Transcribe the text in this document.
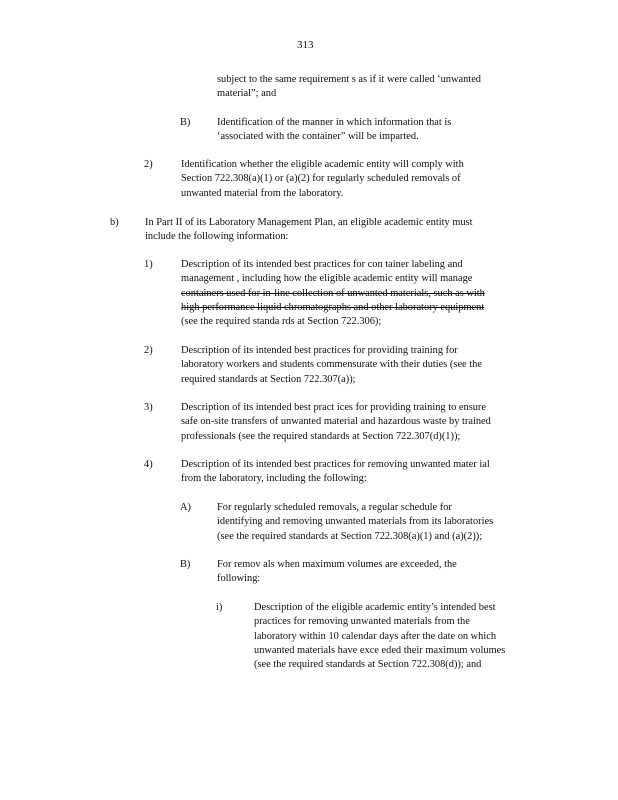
313
subject to the same requirement s as if it were called ‘unwanted
material”; and
B)	Identification of the manner in which information that is
‘associated with the container” will be imparted.
2)	Identification whether the eligible academic entity will comply with
Section 722.308(a)(1) or (a)(2) for regularly scheduled removals of
unwanted material from the laboratory.
b)	In Part II of its Laboratory Management Plan, an eligible academic entity must
include the following information:
1)	Description of its intended best practices for con tainer labeling and
management , including how the eligible academic entity will manage
containers used for in-line collection of unwanted materials, such as with
high performance liquid chromatographs and other laboratory equipment
(see the required standa rds at Section 722.306);
2)	Description of its intended best practices for providing training for
laboratory workers and students commensurate with their duties (see the
required standards at Section 722.307(a));
3)	Description of its intended best pract ices for providing training to ensure
safe on-site transfers of unwanted material and hazardous waste by trained
professionals (see the required standards at Section 722.307(d)(1));
4)	Description of its intended best practices for removing unwanted mater ial
from the laboratory, including the following:
A)	For regularly scheduled removals, a regular schedule for
identifying and removing unwanted materials from its laboratories
(see the required standards at Section 722.308(a)(1) and (a)(2));
B)	For remov als when maximum volumes are exceeded, the
following:
i)	Description of the eligible academic entity’s intended best
practices for removing unwanted materials from the
laboratory within 10 calendar days after the date on which
unwanted materials have exce eded their maximum volumes
(see the required standards at Section 722.308(d)); and
